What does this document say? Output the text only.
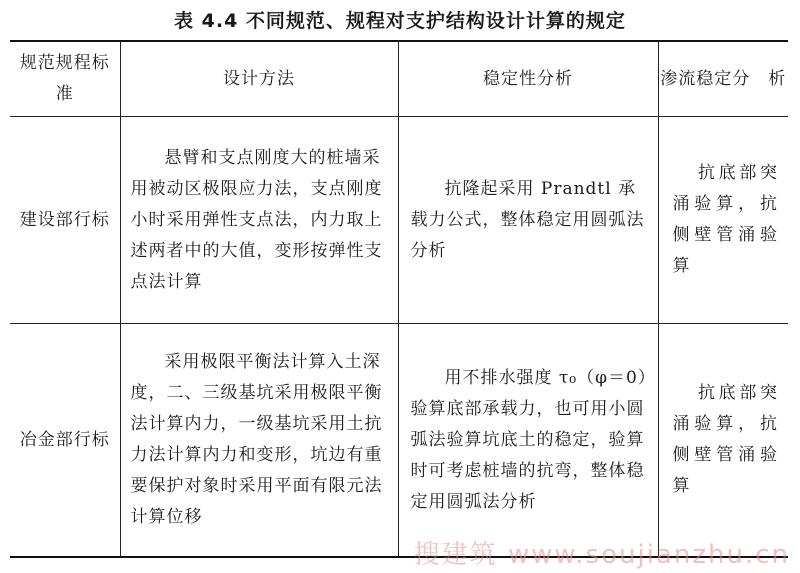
表 4.4 不同规范、规程对支护结构设计计算的规定
规范规程标准	设计方法	稳定性分析	渗流稳定分　析
建设部行标	悬臂和支点刚度大的桩墙采用被动区极限应力法，支点刚度小时采用弹性支点法，内力取上述两者中的大值，变形按弹性支点法计算	抗隆起采用 Prandtl 承载力公式，整体稳定用圆弧法分析	抗底部突涌验算，抗侧壁管涌验算
冶金部行标	采用极限平衡法计算入土深度，二、三级基坑采用极限平衡法计算内力，一级基坑采用土抗力法计算内力和变形，坑边有重要保护对象时采用平面有限元法计算位移	用不排水强度 τ₀（φ＝0）验算底部承载力，也可用小圆弧法验算坑底土的稳定，验算时可考虑桩墙的抗弯，整体稳定用圆弧法分析	抗底部突涌验算，抗侧壁管涌验算
搜建筑 www.soujianzhu.cn
